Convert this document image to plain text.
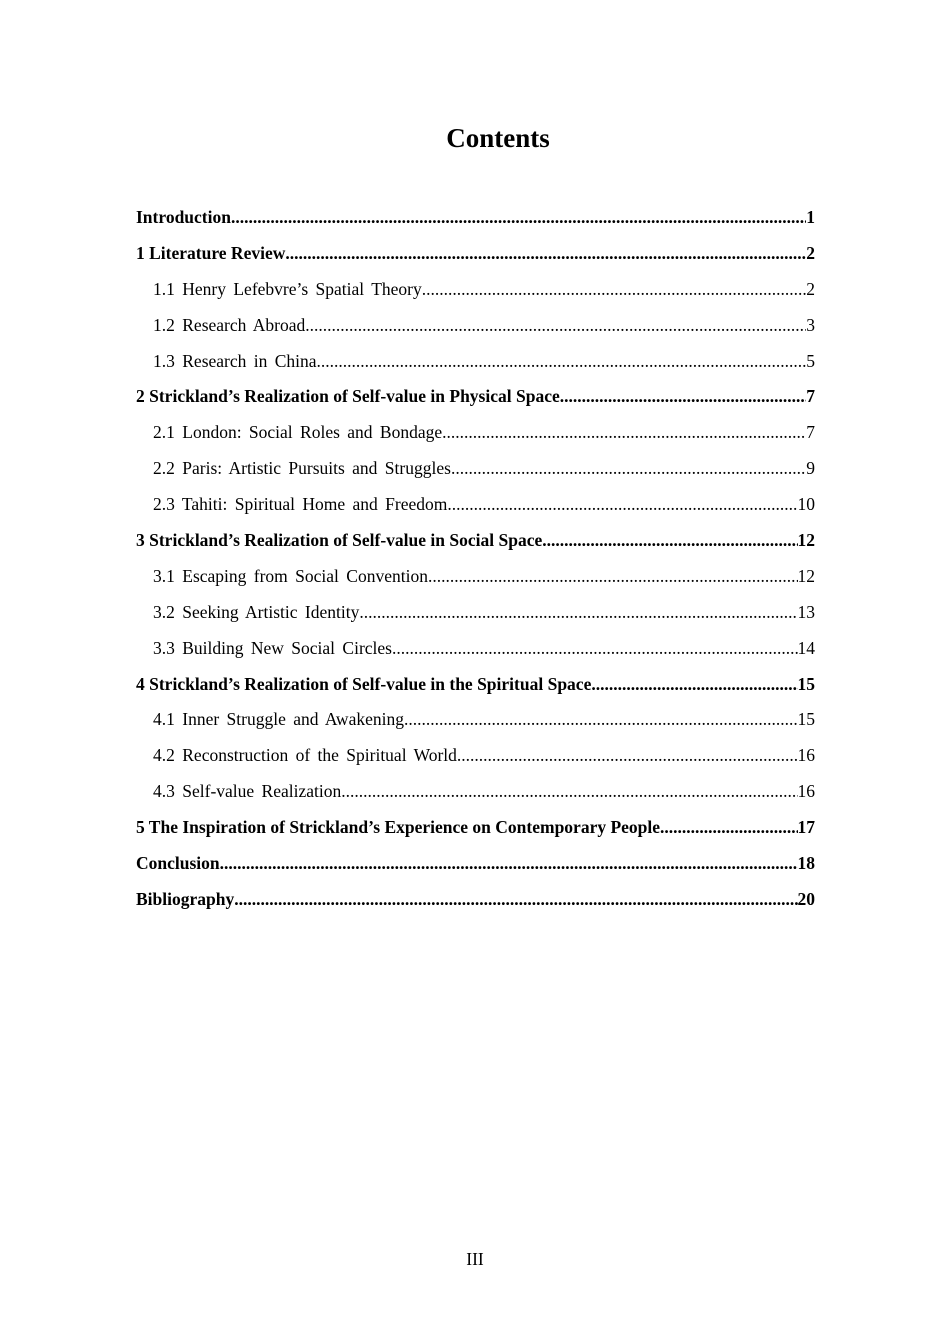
Contents
Introduction .....	1
1 Literature Review .....	2
1.1 Henry Lefebvre’s Spatial Theory .....	2
1.2 Research Abroad .....	3
1.3 Research in China .....	5
2 Strickland’s Realization of Self-value in Physical Space .....	7
2.1 London: Social Roles and Bondage .....	7
2.2 Paris: Artistic Pursuits and Struggles .....	9
2.3 Tahiti: Spiritual Home and Freedom .....	10
3 Strickland’s Realization of Self-value in Social Space .....	12
3.1 Escaping from Social Convention .....	12
3.2 Seeking Artistic Identity .....	13
3.3 Building New Social Circles .....	14
4 Strickland’s Realization of Self-value in the Spiritual Space .....	15
4.1 Inner Struggle and Awakening .....	15
4.2 Reconstruction of the Spiritual World .....	16
4.3 Self-value Realization .....	16
5 The Inspiration of Strickland’s Experience on Contemporary People .....	17
Conclusion .....	18
Bibliography .....	20
III
